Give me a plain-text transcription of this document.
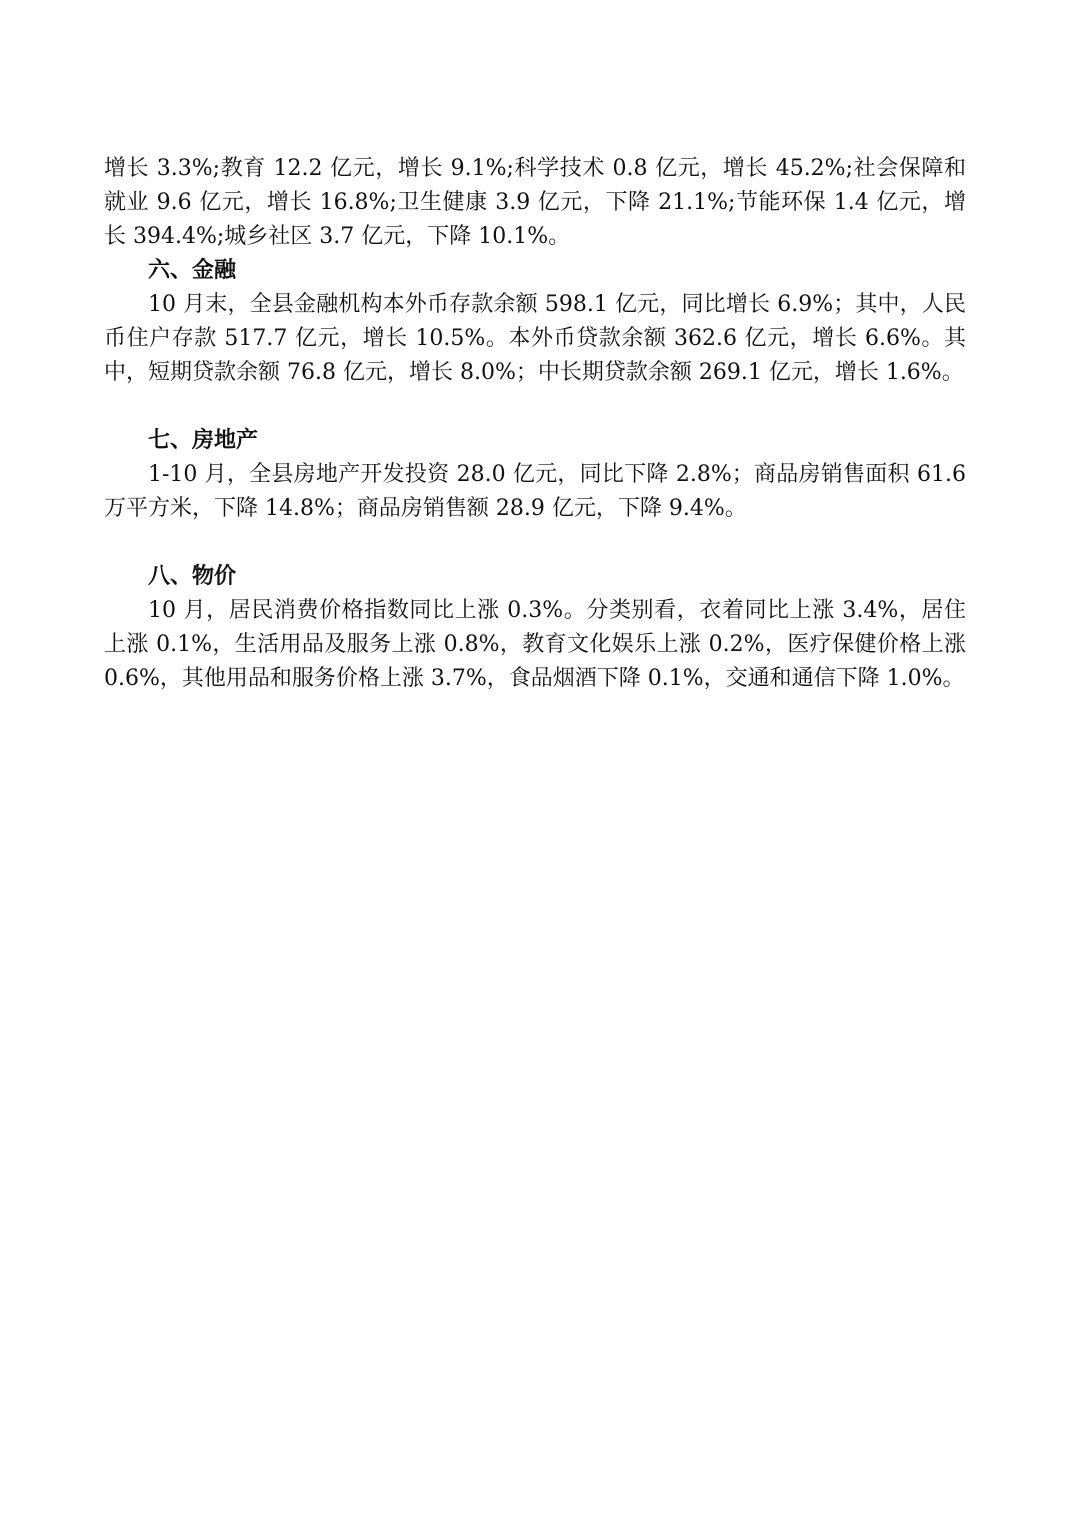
增长 3.3%;教育 12.2 亿元，增长 9.1%;科学技术 0.8 亿元，增长 45.2%;社会保障和就业 9.6 亿元，增长 16.8%;卫生健康 3.9 亿元，下降 21.1%;节能环保 1.4 亿元，增长 394.4%;城乡社区 3.7 亿元，下降 10.1%。

六、金融

10 月末，全县金融机构本外币存款余额 598.1 亿元，同比增长 6.9%；其中，人民币住户存款 517.7 亿元，增长 10.5%。本外币贷款余额 362.6 亿元，增长 6.6%。其中，短期贷款余额 76.8 亿元，增长 8.0%；中长期贷款余额 269.1 亿元，增长 1.6%。

七、房地产

1-10 月，全县房地产开发投资 28.0 亿元，同比下降 2.8%；商品房销售面积 61.6 万平方米，下降 14.8%；商品房销售额 28.9 亿元，下降 9.4%。

八、物价

10 月，居民消费价格指数同比上涨 0.3%。分类别看，衣着同比上涨 3.4%，居住上涨 0.1%，生活用品及服务上涨 0.8%，教育文化娱乐上涨 0.2%，医疗保健价格上涨 0.6%，其他用品和服务价格上涨 3.7%，食品烟酒下降 0.1%，交通和通信下降 1.0%。
